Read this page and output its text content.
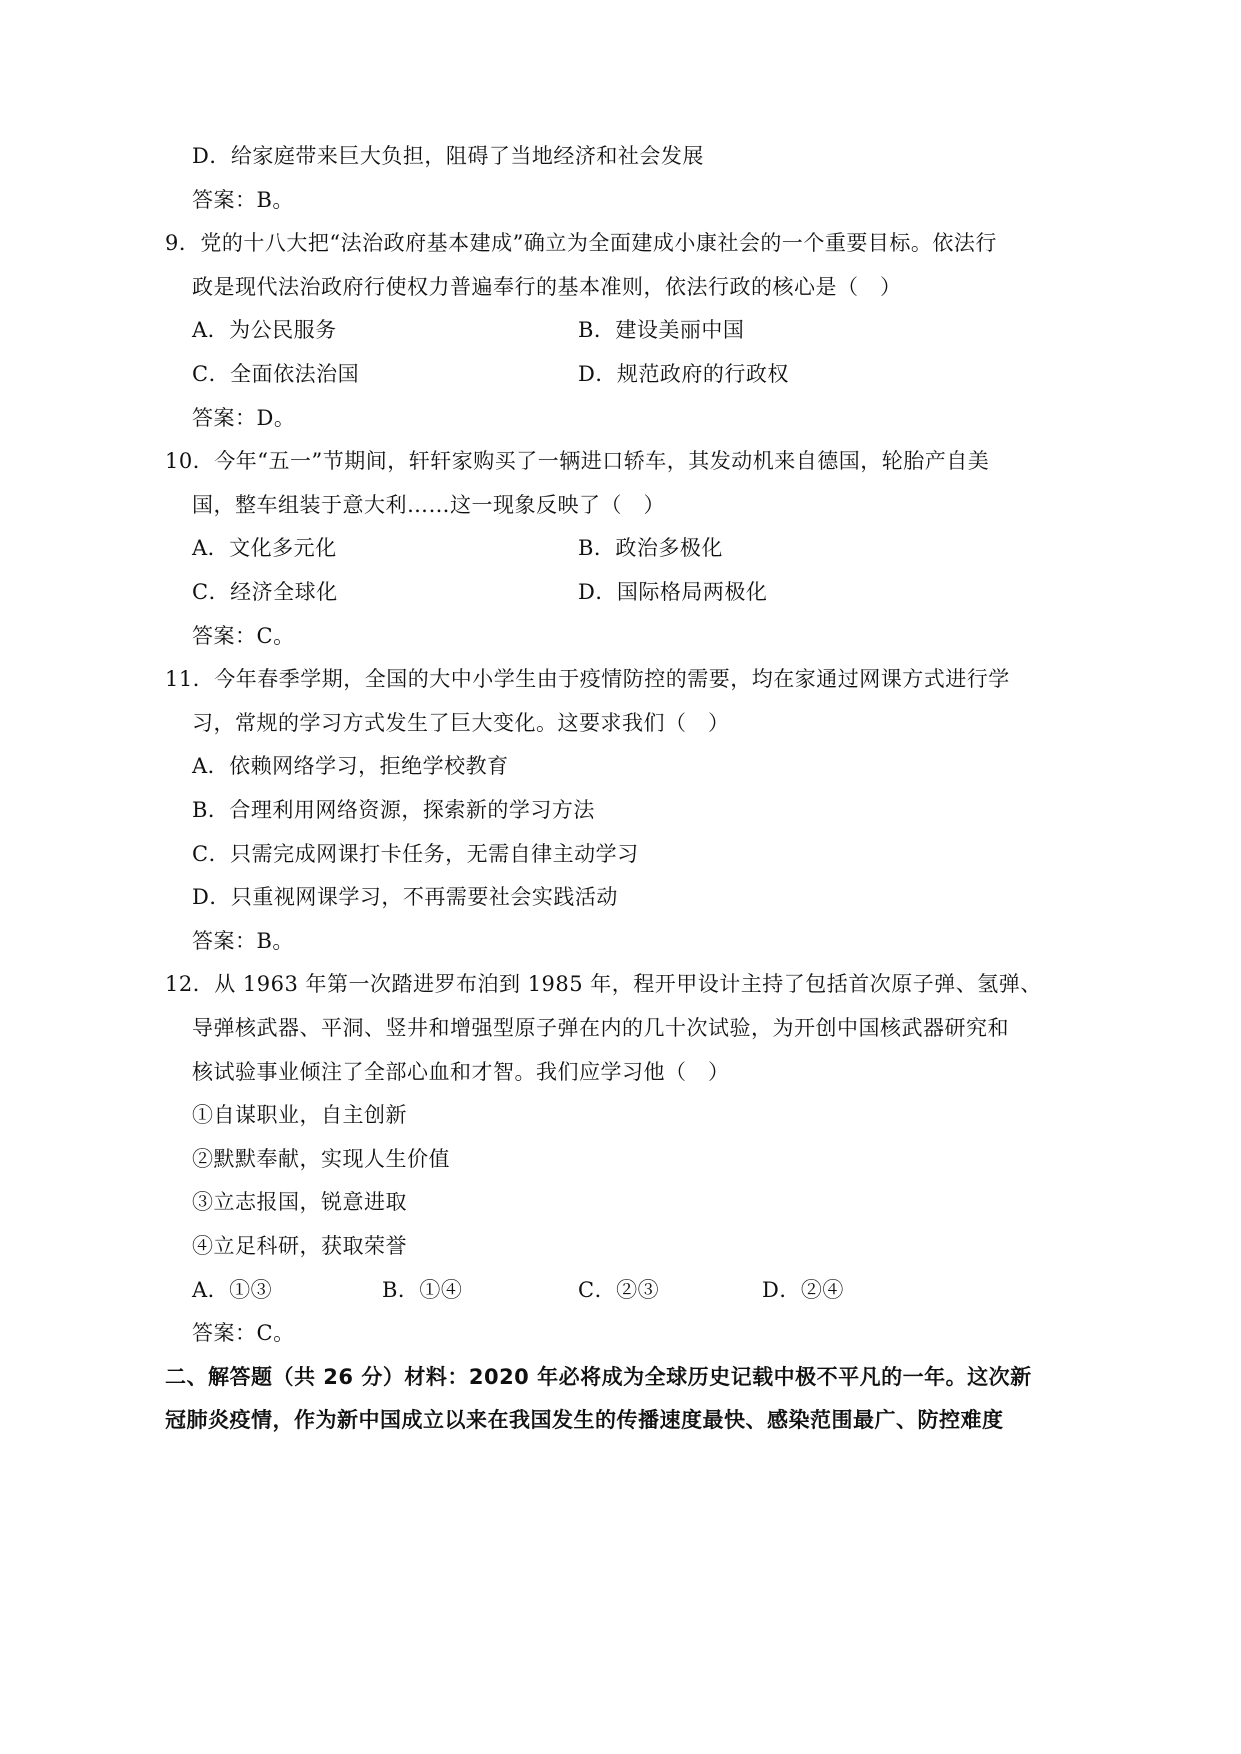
D．给家庭带来巨大负担，阻碍了当地经济和社会发展
答案：B。
9．党的十八大把“法治政府基本建成”确立为全面建成小康社会的一个重要目标。依法行
政是现代法治政府行使权力普遍奉行的基本准则，依法行政的核心是（　）
A．为公民服务	B．建设美丽中国
C．全面依法治国	D．规范政府的行政权
答案：D。
10．今年“五一”节期间，轩轩家购买了一辆进口轿车，其发动机来自德国，轮胎产自美
国，整车组装于意大利……这一现象反映了（　）
A．文化多元化	B．政治多极化
C．经济全球化	D．国际格局两极化
答案：C。
11．今年春季学期，全国的大中小学生由于疫情防控的需要，均在家通过网课方式进行学
习，常规的学习方式发生了巨大变化。这要求我们（　）
A．依赖网络学习，拒绝学校教育
B．合理利用网络资源，探索新的学习方法
C．只需完成网课打卡任务，无需自律主动学习
D．只重视网课学习，不再需要社会实践活动
答案：B。
12．从 1963 年第一次踏进罗布泊到 1985 年，程开甲设计主持了包括首次原子弹、氢弹、
导弹核武器、平洞、竖井和增强型原子弹在内的几十次试验，为开创中国核武器研究和
核试验事业倾注了全部心血和才智。我们应学习他（　）
①自谋职业，自主创新
②默默奉献，实现人生价值
③立志报国，锐意进取
④立足科研，获取荣誉
A．①③	B．①④	C．②③	D．②④
答案：C。
二、解答题（共 26 分）材料：2020 年必将成为全球历史记载中极不平凡的一年。这次新
冠肺炎疫情，作为新中国成立以来在我国发生的传播速度最快、感染范围最广、防控难度
